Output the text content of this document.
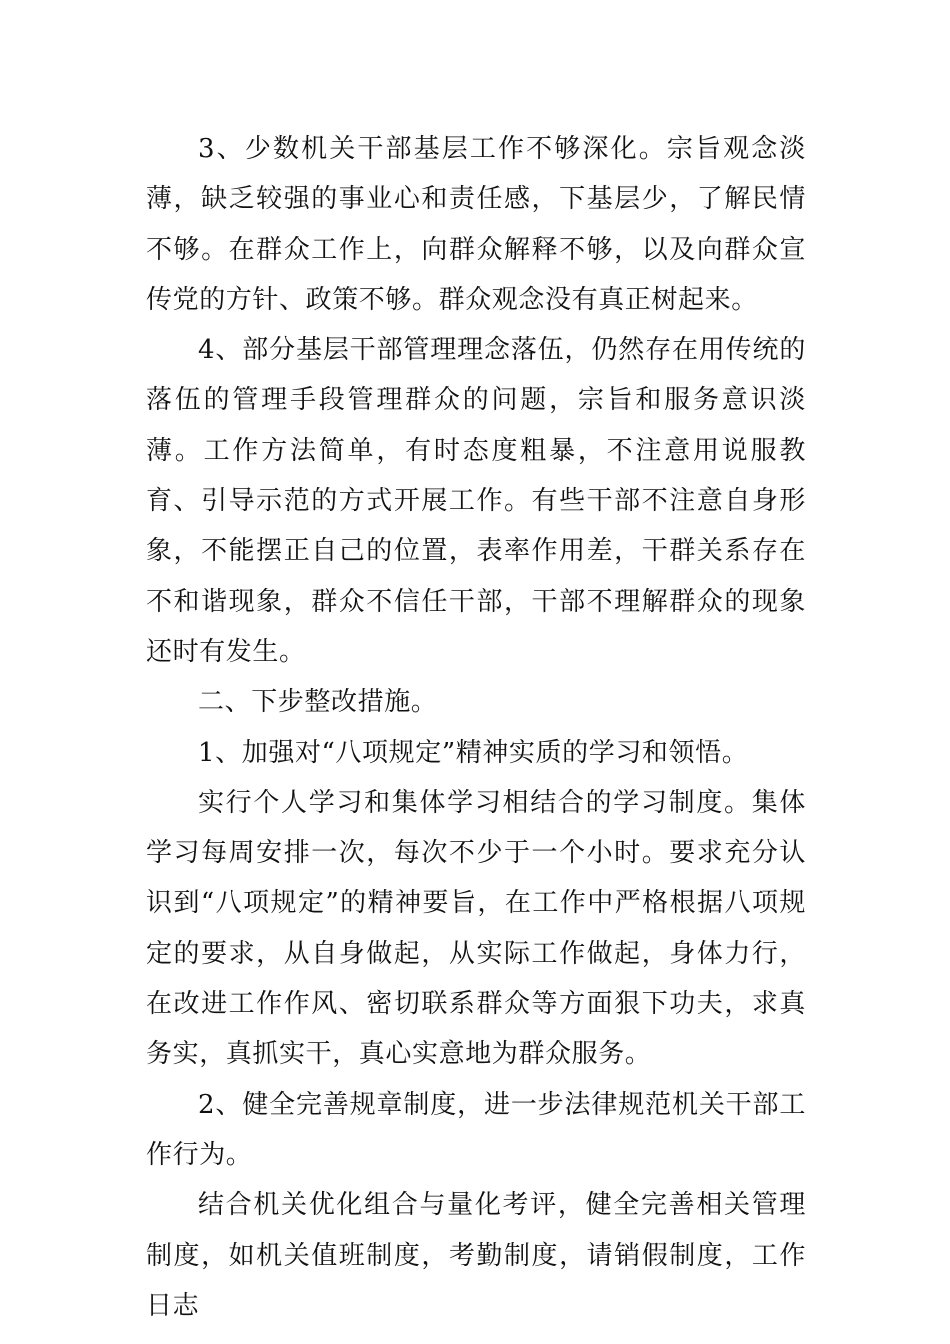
3、少数机关干部基层工作不够深化。宗旨观念淡薄，缺乏较强的事业心和责任感，下基层少，了解民情不够。在群众工作上，向群众解释不够，以及向群众宣传党的方针、政策不够。群众观念没有真正树起来。

4、部分基层干部管理理念落伍，仍然存在用传统的落伍的管理手段管理群众的问题，宗旨和服务意识淡薄。工作方法简单，有时态度粗暴，不注意用说服教育、引导示范的方式开展工作。有些干部不注意自身形象，不能摆正自己的位置，表率作用差，干群关系存在不和谐现象，群众不信任干部，干部不理解群众的现象还时有发生。

二、下步整改措施。

1、加强对“八项规定”精神实质的学习和领悟。

实行个人学习和集体学习相结合的学习制度。集体学习每周安排一次，每次不少于一个小时。要求充分认识到“八项规定”的精神要旨，在工作中严格根据八项规定的要求，从自身做起，从实际工作做起，身体力行，在改进工作作风、密切联系群众等方面狠下功夫，求真务实，真抓实干，真心实意地为群众服务。

2、健全完善规章制度，进一步法律规范机关干部工作行为。

结合机关优化组合与量化考评，健全完善相关管理制度，如机关值班制度，考勤制度，请销假制度，工作日志
